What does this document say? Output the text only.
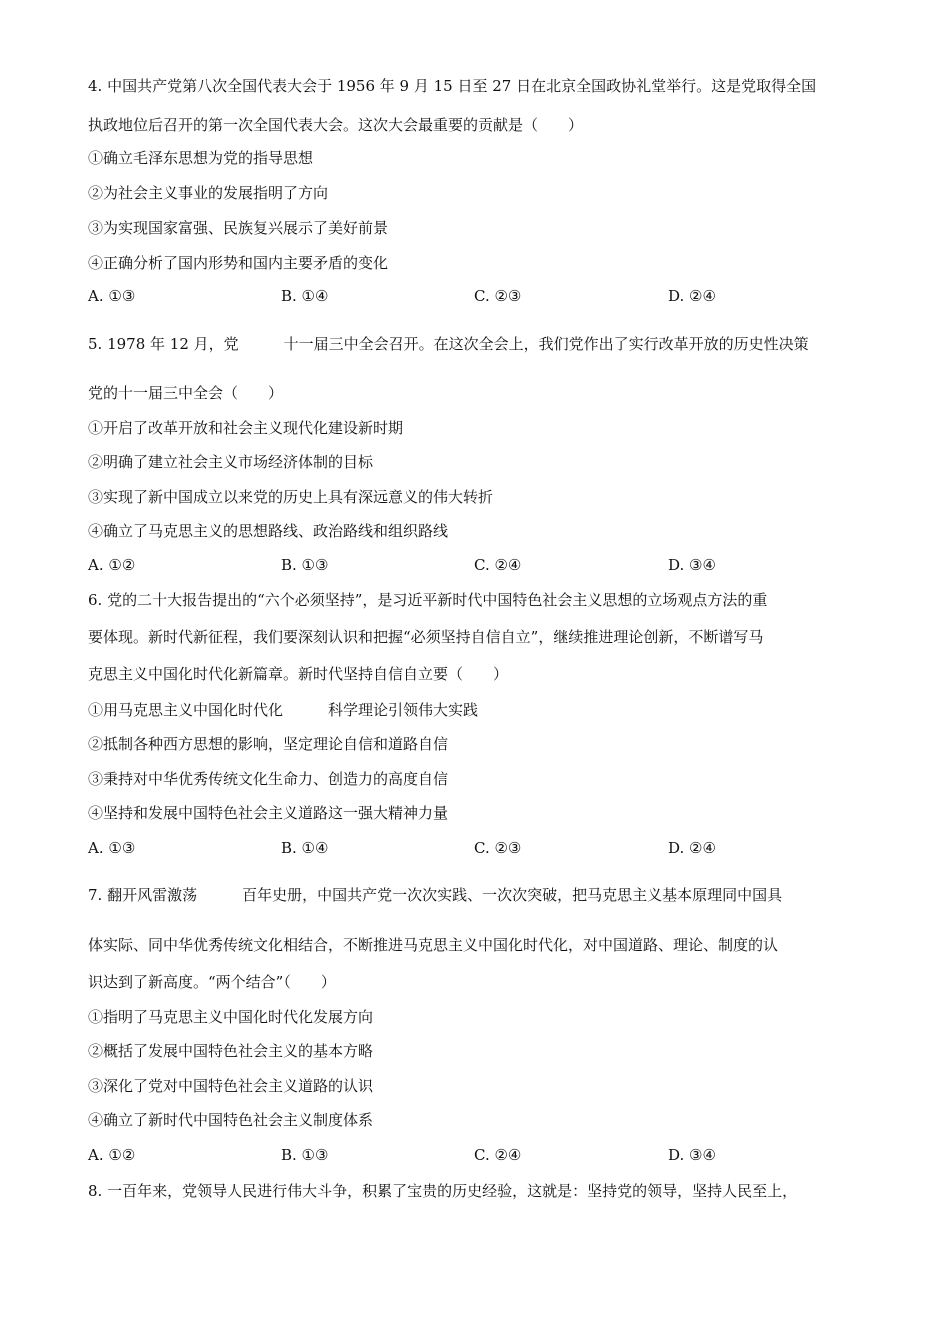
4. 中国共产党第八次全国代表大会于 1956 年 9 月 15 日至 27 日在北京全国政协礼堂举行。这是党取得全国
执政地位后召开的第一次全国代表大会。这次大会最重要的贡献是（　　）
①确立毛泽东思想为党的指导思想
②为社会主义事业的发展指明了方向
③为实现国家富强、民族复兴展示了美好前景
④正确分析了国内形势和国内主要矛盾的变化
A. ①③	B. ①④	C. ②③	D. ②④
5. 1978 年 12 月，党　　　十一届三中全会召开。在这次全会上，我们党作出了实行改革开放的历史性决策
党的十一届三中全会（　　）
①开启了改革开放和社会主义现代化建设新时期
②明确了建立社会主义市场经济体制的目标
③实现了新中国成立以来党的历史上具有深远意义的伟大转折
④确立了马克思主义的思想路线、政治路线和组织路线
A. ①②	B. ①③	C. ②④	D. ③④
6. 党的二十大报告提出的“六个必须坚持”，是习近平新时代中国特色社会主义思想的立场观点方法的重
要体现。新时代新征程，我们要深刻认识和把握“必须坚持自信自立”，继续推进理论创新，不断谱写马
克思主义中国化时代化新篇章。新时代坚持自信自立要（　　）
①用马克思主义中国化时代化　　　科学理论引领伟大实践
②抵制各种西方思想的影响，坚定理论自信和道路自信
③秉持对中华优秀传统文化生命力、创造力的高度自信
④坚持和发展中国特色社会主义道路这一强大精神力量
A. ①③	B. ①④	C. ②③	D. ②④
7. 翻开风雷激荡　　　百年史册，中国共产党一次次实践、一次次突破，把马克思主义基本原理同中国具
体实际、同中华优秀传统文化相结合，不断推进马克思主义中国化时代化，对中国道路、理论、制度的认
识达到了新高度。“两个结合”（　　）
①指明了马克思主义中国化时代化发展方向
②概括了发展中国特色社会主义的基本方略
③深化了党对中国特色社会主义道路的认识
④确立了新时代中国特色社会主义制度体系
A. ①②	B. ①③	C. ②④	D. ③④
8. 一百年来，党领导人民进行伟大斗争，积累了宝贵的历史经验，这就是：坚持党的领导，坚持人民至上，
